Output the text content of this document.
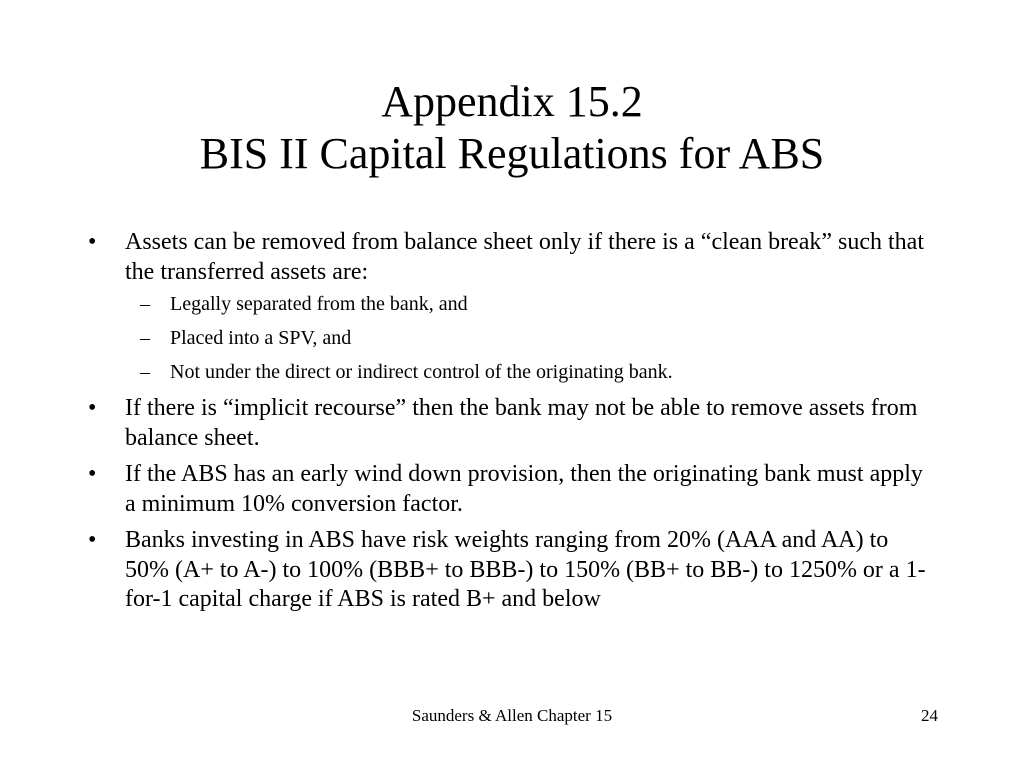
Appendix 15.2
BIS II Capital Regulations for ABS
• Assets can be removed from balance sheet only if there is a “clean break” such that the transferred assets are:
– Legally separated from the bank, and
– Placed into a SPV, and
– Not under the direct or indirect control of the originating bank.
• If there is “implicit recourse” then the bank may not be able to remove assets from balance sheet.
• If the ABS has an early wind down provision, then the originating bank must apply a minimum 10% conversion factor.
• Banks investing in ABS have risk weights ranging from 20% (AAA and AA) to 50% (A+ to A-) to 100% (BBB+ to BBB-) to 150% (BB+ to BB-) to 1250% or a 1-for-1 capital charge if ABS is rated B+ and below
Saunders & Allen Chapter 15	24
